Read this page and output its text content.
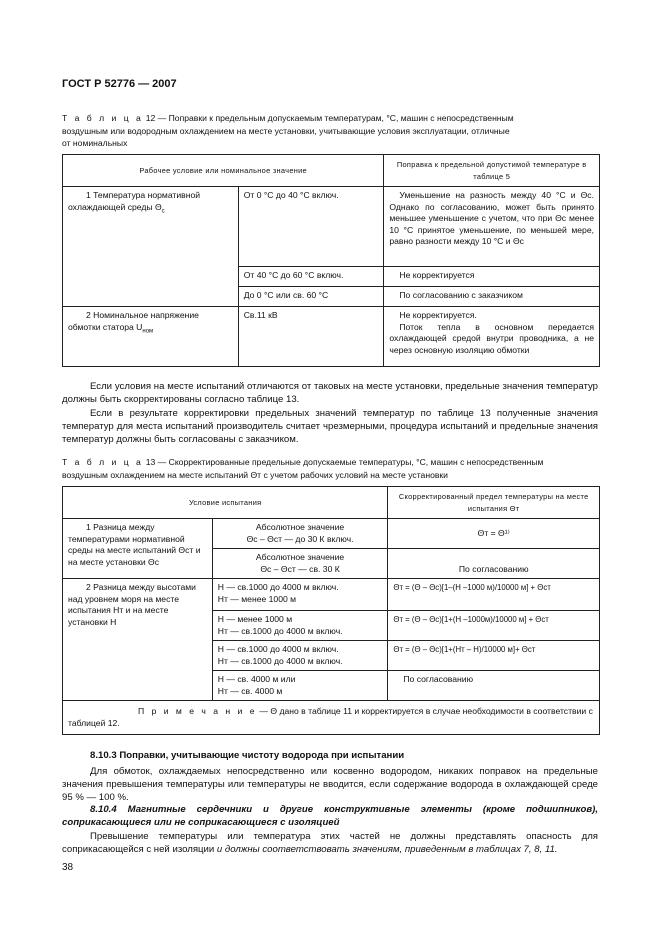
ГОСТ Р 52776 — 2007
Т а б л и ц а 12 — Поправки к предельным допускаемым температурам, °С, машин с непосредственным
воздушным или водородным охлаждением на месте установки, учитывающие условия эксплуатации, отличные
от номинальных
Рабочее условие или номинальное значение		Поправка к предельной допустимой температуре в таблице 5
1 Температура нормативной охлаждающей среды $\Theta_с$	От 0 °С до 40 °С включ.	Уменьшение на разность между 40 °С и Θс. Однако по согласованию, может быть принято меньшее уменьшение с учетом, что при Θс менее 10 °С принятое уменьшение, по меньшей мере, равно разности между 10 °С и Θс
	От 40 °С до 60 °С включ.	Не корректируется
	До 0 °С или св. 60 °С	По согласованию с заказчиком
2 Номинальное напряжение обмотки статора $U_{ном}$	Св.11 кВ	Не корректируется.
Поток тепла в основном передается охлаждающей средой внутри проводника, а не через основную изоляцию обмотки
Если условия на месте испытаний отличаются от таковых на месте установки, предельные значения температур должны быть скорректированы согласно таблице 13.
Если в результате корректировки предельных значений температур по таблице 13 полученные значения температур для места испытаний производитель считает чрезмерными, процедура испытаний и предельные значения температур должны быть согласованы с заказчиком.
Т а б л и ц а 13 — Скорректированные предельные допускаемые температуры, °С, машин с непосредственным
воздушным охлаждением на месте испытаний Θт с учетом рабочих условий на месте установки
Условие испытания		Скорректированный предел температуры на месте испытания Θт
1 Разница между температурами нормативной среды на месте испытаний Θст и на месте установки Θс	Абсолютное значение
Θс – Θст — до 30 К включ.	Θт = Θ¹⁾

	Абсолютное значение
Θс – Θст — св. 30 К	По согласованию
2 Разница между высотами над уровнем моря на месте испытания Нт и на месте установки Н	Н — св.1000 до 4000 м включ.
Нт — менее 1000 м	Θт = (Θ – Θс)[1–(Н –1000 м)/10000 м] + Θст

	Н — менее 1000 м
Нт — св.1000 до 4000 м включ.	Θт = (Θ – Θс)[1+(Н –1000м)/10000 м] + Θст

	Н — св.1000 до 4000 м включ.
Нт — св.1000 до 4000 м включ.	Θт = (Θ – Θс)[1+(Нт – Н)/10000 м]+ Θст

	Н — св. 4000 м или
Нт — св. 4000 м	По согласованию
П р и м е ч а н и е — Θ дано в таблице 11 и корректируется в случае необходимости в соответствии с таблицей 12.		
8.10.3 Поправки, учитывающие чистоту водорода при испытании
Для обмоток, охлаждаемых непосредственно или косвенно водородом, никаких поправок на предельные значения превышения температуры или температуры не вводится, если содержание водорода в охлаждающей среде 95 % — 100 %.
8.10.4 Магнитные сердечники и другие конструктивные элементы (кроме подшипников), соприкасающиеся или не соприкасающиеся с изоляцией
Превышение температуры или температура этих частей не должны представлять опасность для соприкасающейся с ней изоляции и должны соответствовать значениям, приведенным в таблицах 7, 8, 11.
38
